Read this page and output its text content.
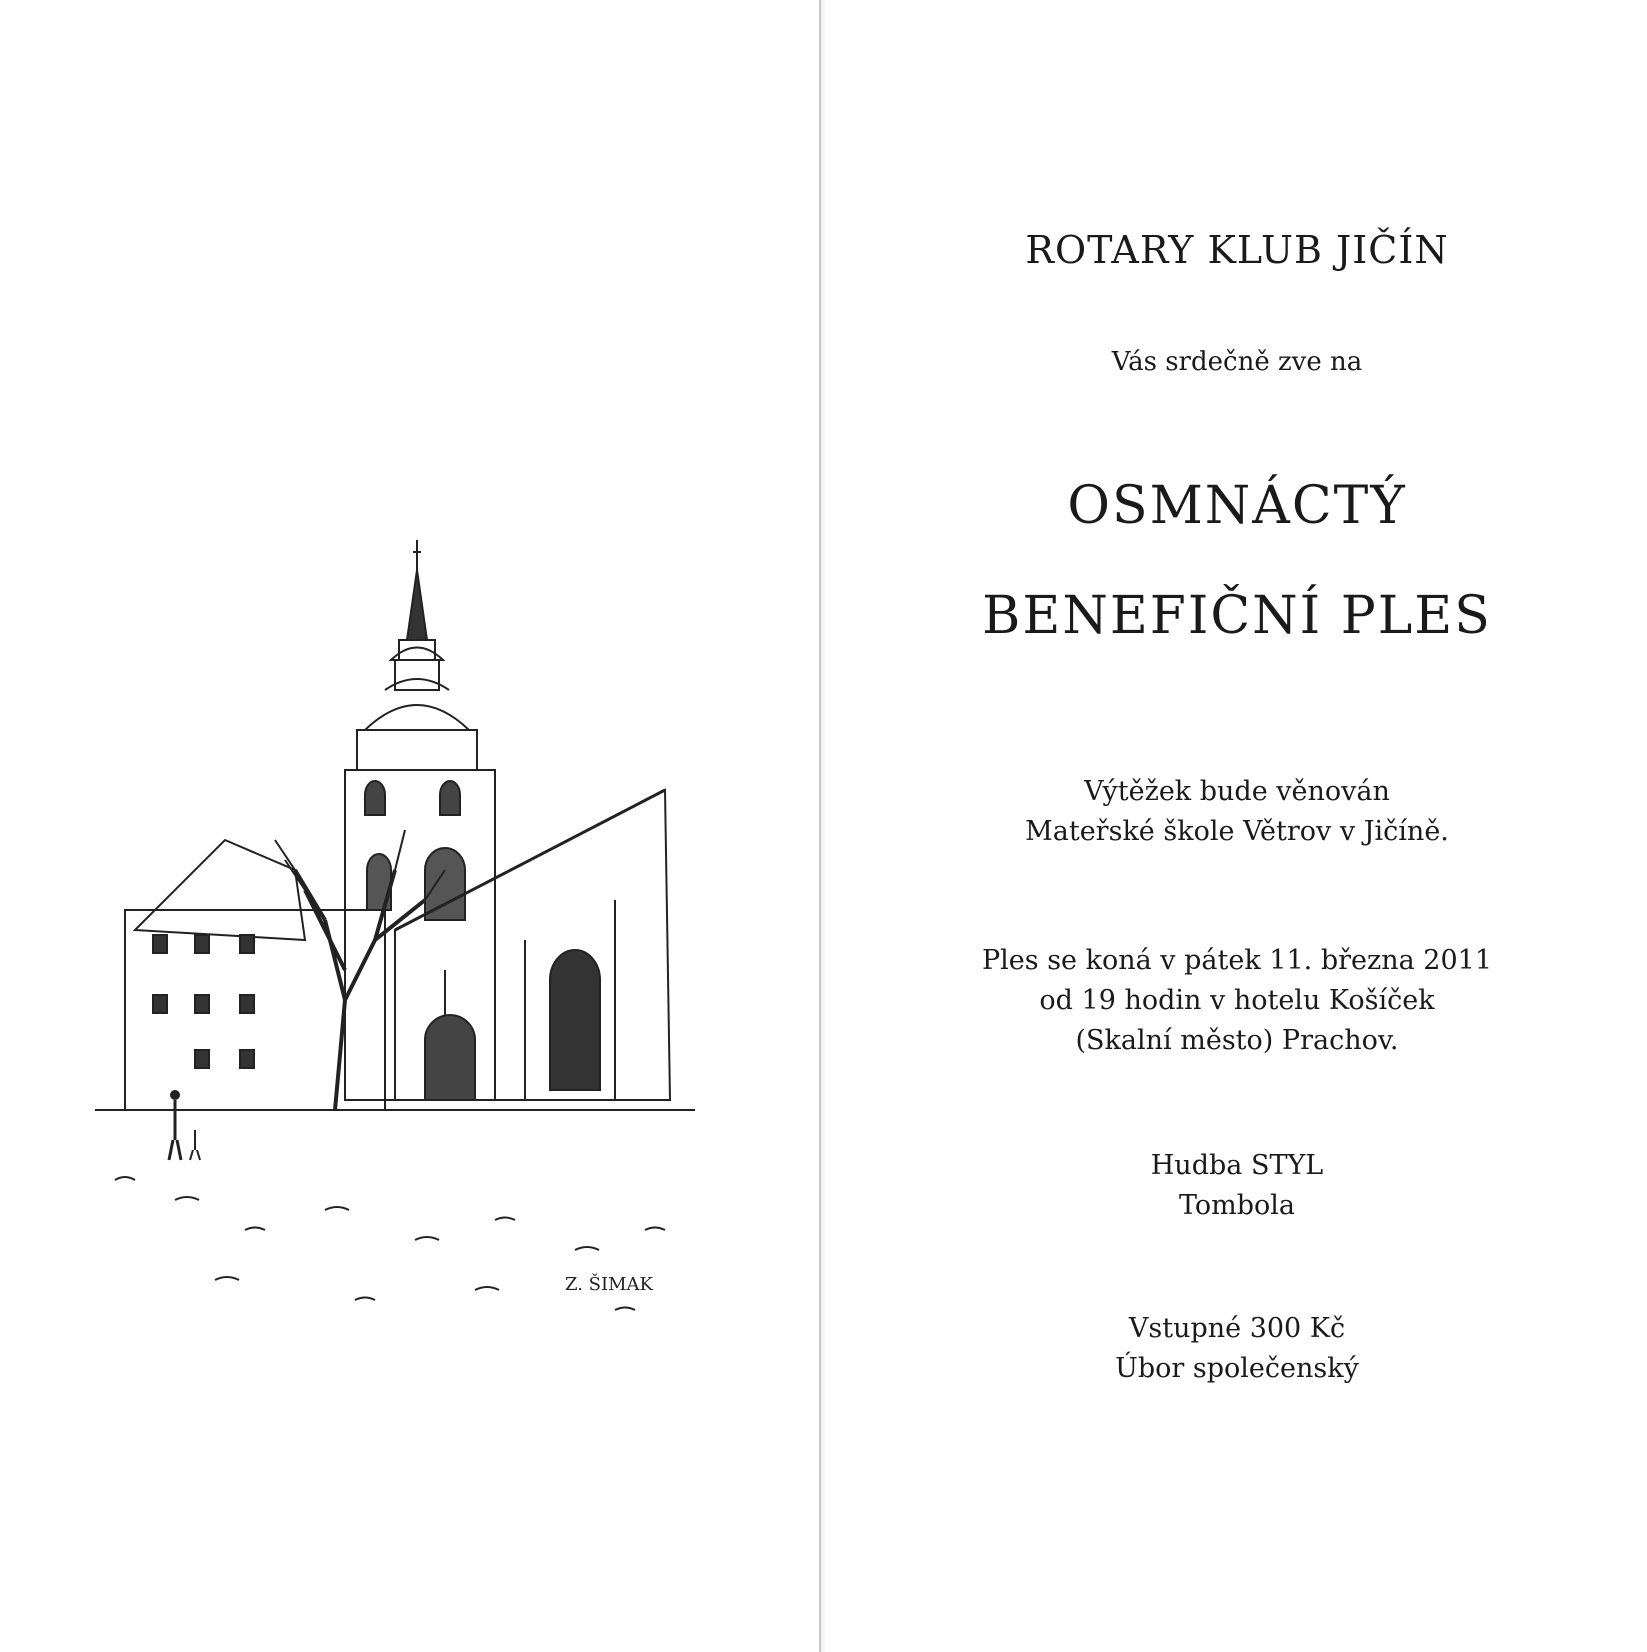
Z. ŠIMAK
ROTARY KLUB JIČÍN
Vás srdečně zve na
OSMNÁCTÝ
BENEFIČNÍ PLES
Výtěžek bude věnován
Mateřské škole Větrov v Jičíně.
Ples se koná v pátek 11. března 2011
od 19 hodin v hotelu Košíček
(Skalní město) Prachov.
Hudba STYL
Tombola
Vstupné 300 Kč
Úbor společenský
